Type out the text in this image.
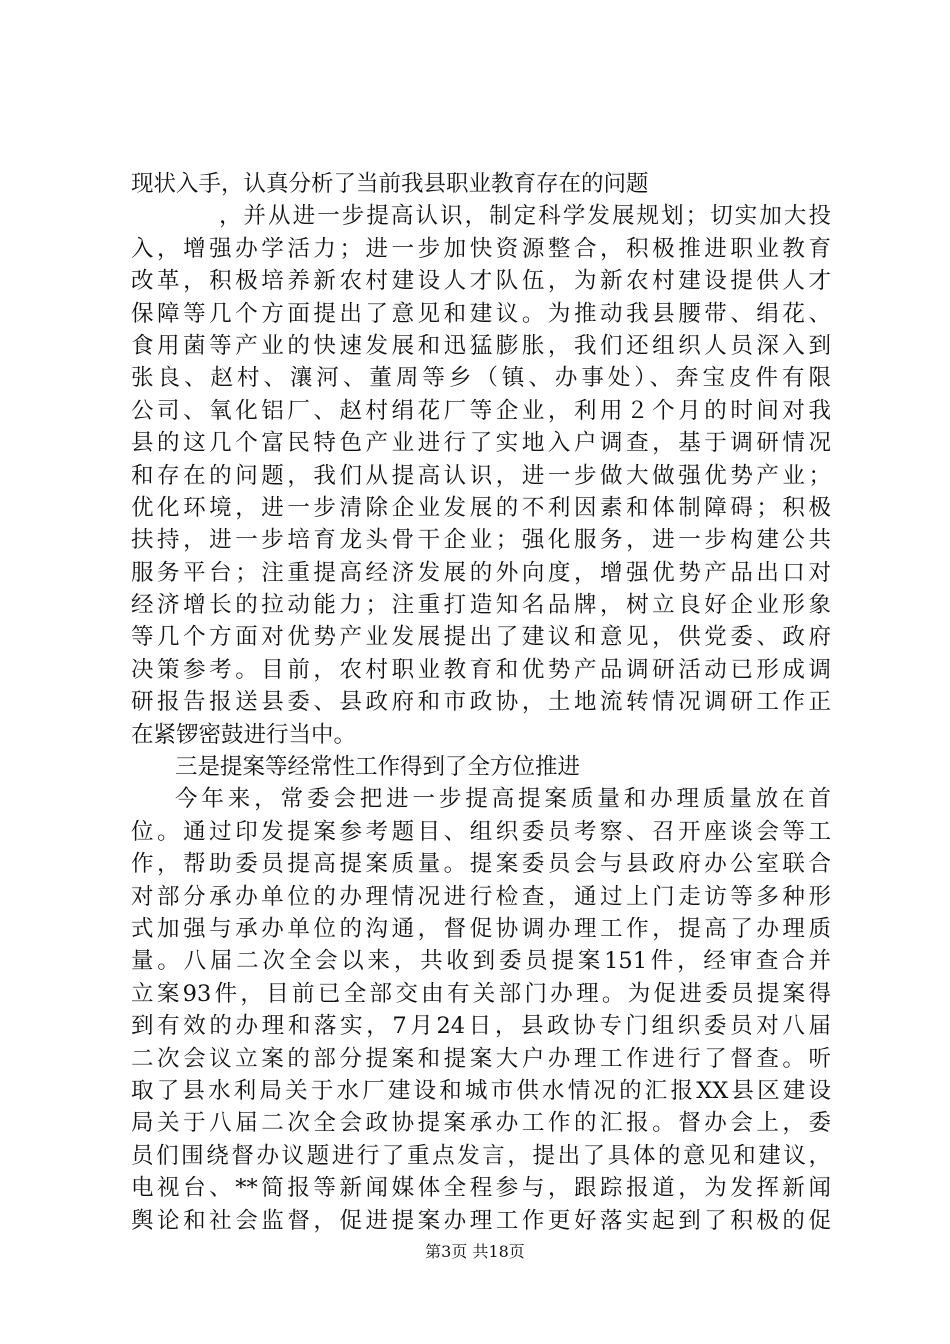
现状入手，认真分析了当前我县职业教育存在的问题
，并从进一步提高认识，制定科学发展规划；切实加大投
入，增强办学活力；进一步加快资源整合，积极推进职业教育
改革，积极培养新农村建设人才队伍，为新农村建设提供人才
保障等几个方面提出了意见和建议。为推动我县腰带、绢花、
食用菌等产业的快速发展和迅猛膨胀，我们还组织人员深入到
张良、赵村、瀼河、董周等乡（镇、办事处）、奔宝皮件有限
公司、氧化铝厂、赵村绢花厂等企业，利用２个月的时间对我
县的这几个富民特色产业进行了实地入户调查，基于调研情况
和存在的问题，我们从提高认识，进一步做大做强优势产业；
优化环境，进一步清除企业发展的不利因素和体制障碍；积极
扶持，进一步培育龙头骨干企业；强化服务，进一步构建公共
服务平台；注重提高经济发展的外向度，增强优势产品出口对
经济增长的拉动能力；注重打造知名品牌，树立良好企业形象
等几个方面对优势产业发展提出了建议和意见，供党委、政府
决策参考。目前，农村职业教育和优势产品调研活动已形成调
研报告报送县委、县政府和市政协，土地流转情况调研工作正
在紧锣密鼓进行当中。
三是提案等经常性工作得到了全方位推进
今年来，常委会把进一步提高提案质量和办理质量放在首
位。通过印发提案参考题目、组织委员考察、召开座谈会等工
作，帮助委员提高提案质量。提案委员会与县政府办公室联合
对部分承办单位的办理情况进行检查，通过上门走访等多种形
式加强与承办单位的沟通，督促协调办理工作，提高了办理质
量。八届二次全会以来，共收到委员提案151件，经审查合并
立案93件，目前已全部交由有关部门办理。为促进委员提案得
到有效的办理和落实，7月24日，县政协专门组织委员对八届
二次会议立案的部分提案和提案大户办理工作进行了督查。听
取了县水利局关于水厂建设和城市供水情况的汇报XX县区建设
局关于八届二次全会政协提案承办工作的汇报。督办会上，委
员们围绕督办议题进行了重点发言，提出了具体的意见和建议，
电视台、**简报等新闻媒体全程参与，跟踪报道，为发挥新闻
舆论和社会监督，促进提案办理工作更好落实起到了积极的促
第3页 共18页
